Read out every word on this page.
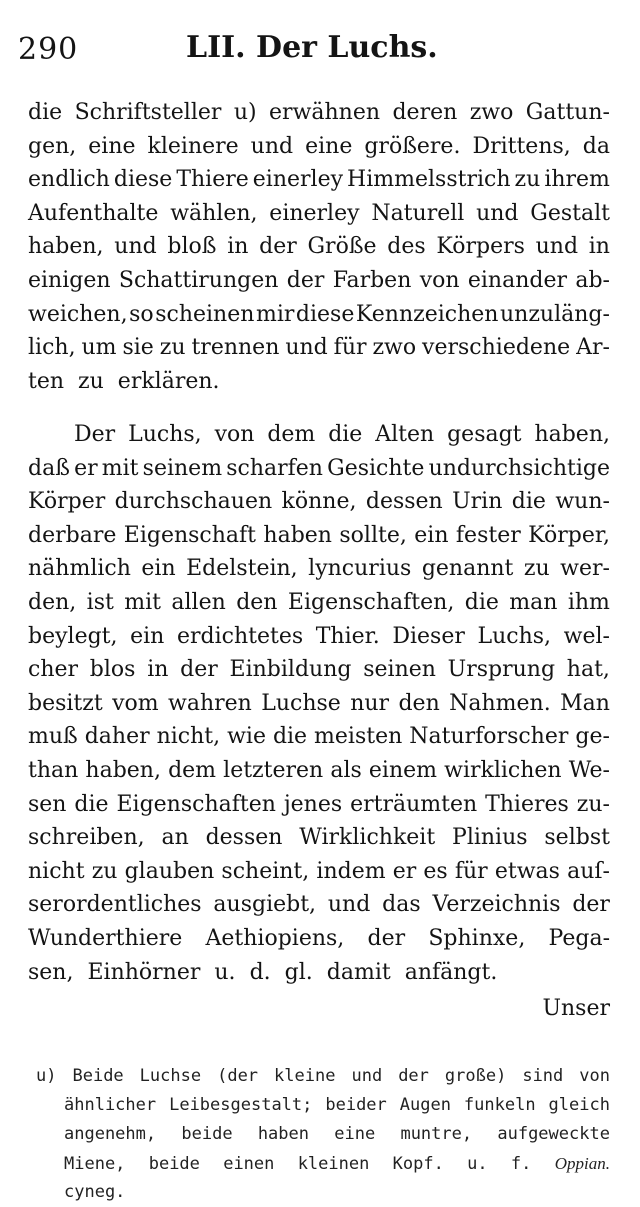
290	LII. Der Luchs.
die Schriftsteller u) erwähnen deren zwo Gattun-
gen, eine kleinere und eine größere. Drittens, da
endlich diese Thiere einerley Himmelsstrich zu ihrem
Aufenthalte wählen, einerley Naturell und Gestalt
haben, und bloß in der Größe des Körpers und in
einigen Schattirungen der Farben von einander ab-
weichen, so scheinen mir diese Kennzeichen unzuläng-
lich, um sie zu trennen und für zwo verschiedene Ar-
ten zu erklären.
Der Luchs, von dem die Alten gesagt haben,
daß er mit seinem scharfen Gesichte undurchsichtige
Körper durchschauen könne, dessen Urin die wun-
derbare Eigenschaft haben sollte, ein fester Körper,
nähmlich ein Edelstein, lyncurius genannt zu wer-
den, ist mit allen den Eigenschaften, die man ihm
beylegt, ein erdichtetes Thier. Dieser Luchs, wel-
cher blos in der Einbildung seinen Ursprung hat,
besitzt vom wahren Luchse nur den Nahmen. Man
muß daher nicht, wie die meisten Naturforscher ge-
than haben, dem letzteren als einem wirklichen We-
sen die Eigenschaften jenes erträumten Thieres zu-
schreiben, an dessen Wirklichkeit Plinius selbst
nicht zu glauben scheint, indem er es für etwas auſ-
serordentliches ausgiebt, und das Verzeichnis der
Wunderthiere Aethiopiens, der Sphinxe, Pega-
sen, Einhörner u. d. gl. damit anfängt.
Unser
u) Beide Luchse (der kleine und der große) sind von
ähnlicher Leibesgestalt; beider Augen funkeln gleich
angenehm, beide haben eine muntre, aufgeweckte
Miene, beide einen kleinen Kopf. u. f. Oppian.
cyneg.
